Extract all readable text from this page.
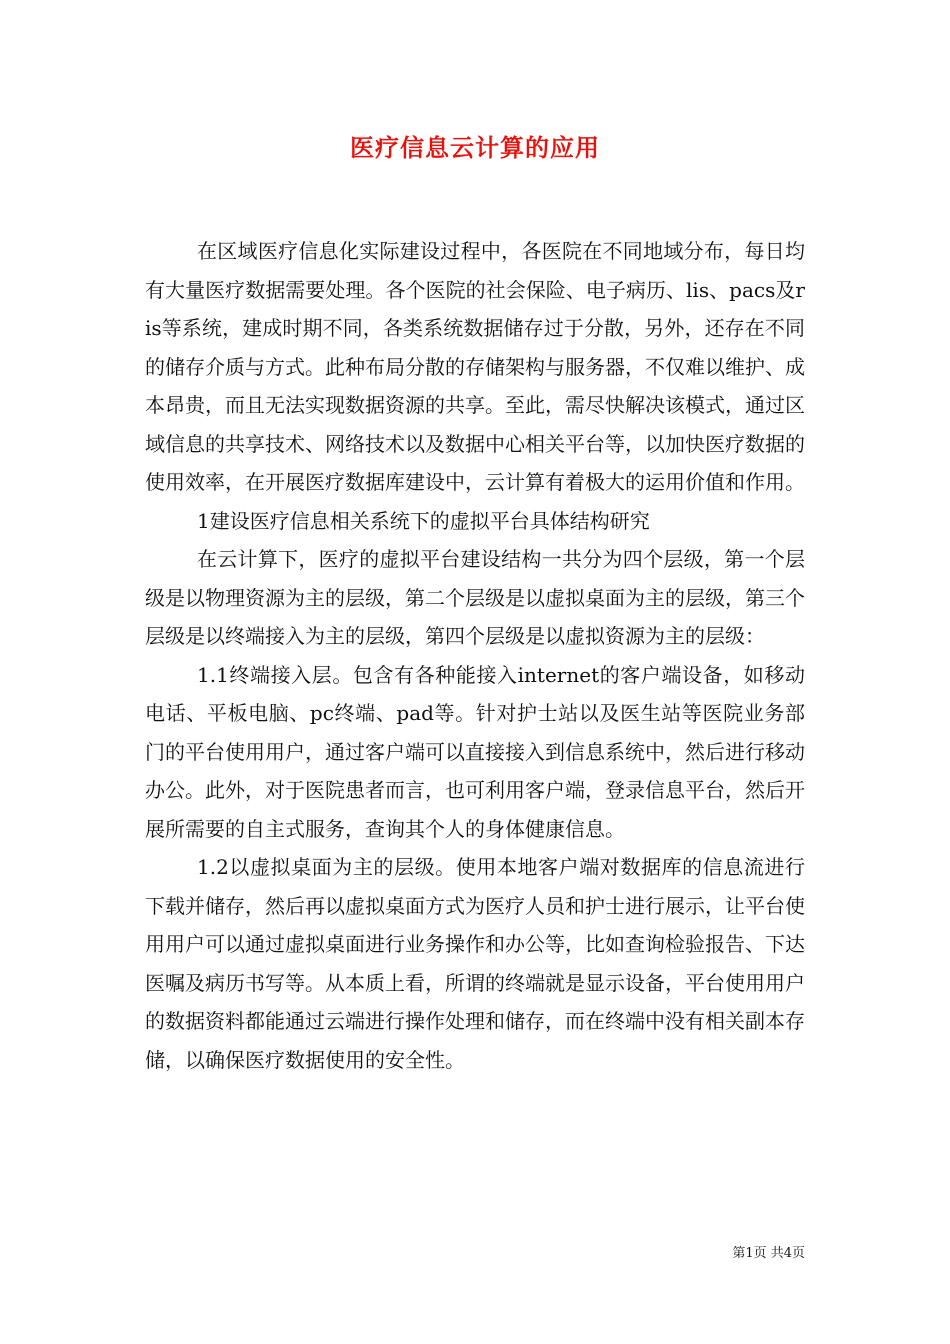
医疗信息云计算的应用

在区域医疗信息化实际建设过程中，各医院在不同地域分布，每日均有大量医疗数据需要处理。各个医院的社会保险、电子病历、lis、pacs及ris等系统，建成时期不同，各类系统数据储存过于分散，另外，还存在不同的储存介质与方式。此种布局分散的存储架构与服务器，不仅难以维护、成本昂贵，而且无法实现数据资源的共享。至此，需尽快解决该模式，通过区域信息的共享技术、网络技术以及数据中心相关平台等，以加快医疗数据的使用效率，在开展医疗数据库建设中，云计算有着极大的运用价值和作用。

1建设医疗信息相关系统下的虚拟平台具体结构研究

在云计算下，医疗的虚拟平台建设结构一共分为四个层级，第一个层级是以物理资源为主的层级，第二个层级是以虚拟桌面为主的层级，第三个层级是以终端接入为主的层级，第四个层级是以虚拟资源为主的层级：

1.1终端接入层。包含有各种能接入internet的客户端设备，如移动电话、平板电脑、pc终端、pad等。针对护士站以及医生站等医院业务部门的平台使用用户，通过客户端可以直接接入到信息系统中，然后进行移动办公。此外，对于医院患者而言，也可利用客户端，登录信息平台，然后开展所需要的自主式服务，查询其个人的身体健康信息。

1.2以虚拟桌面为主的层级。使用本地客户端对数据库的信息流进行下载并储存，然后再以虚拟桌面方式为医疗人员和护士进行展示，让平台使用用户可以通过虚拟桌面进行业务操作和办公等，比如查询检验报告、下达医嘱及病历书写等。从本质上看，所谓的终端就是显示设备，平台使用用户的数据资料都能通过云端进行操作处理和储存，而在终端中没有相关副本存储，以确保医疗数据使用的安全性。

第1页 共4页
